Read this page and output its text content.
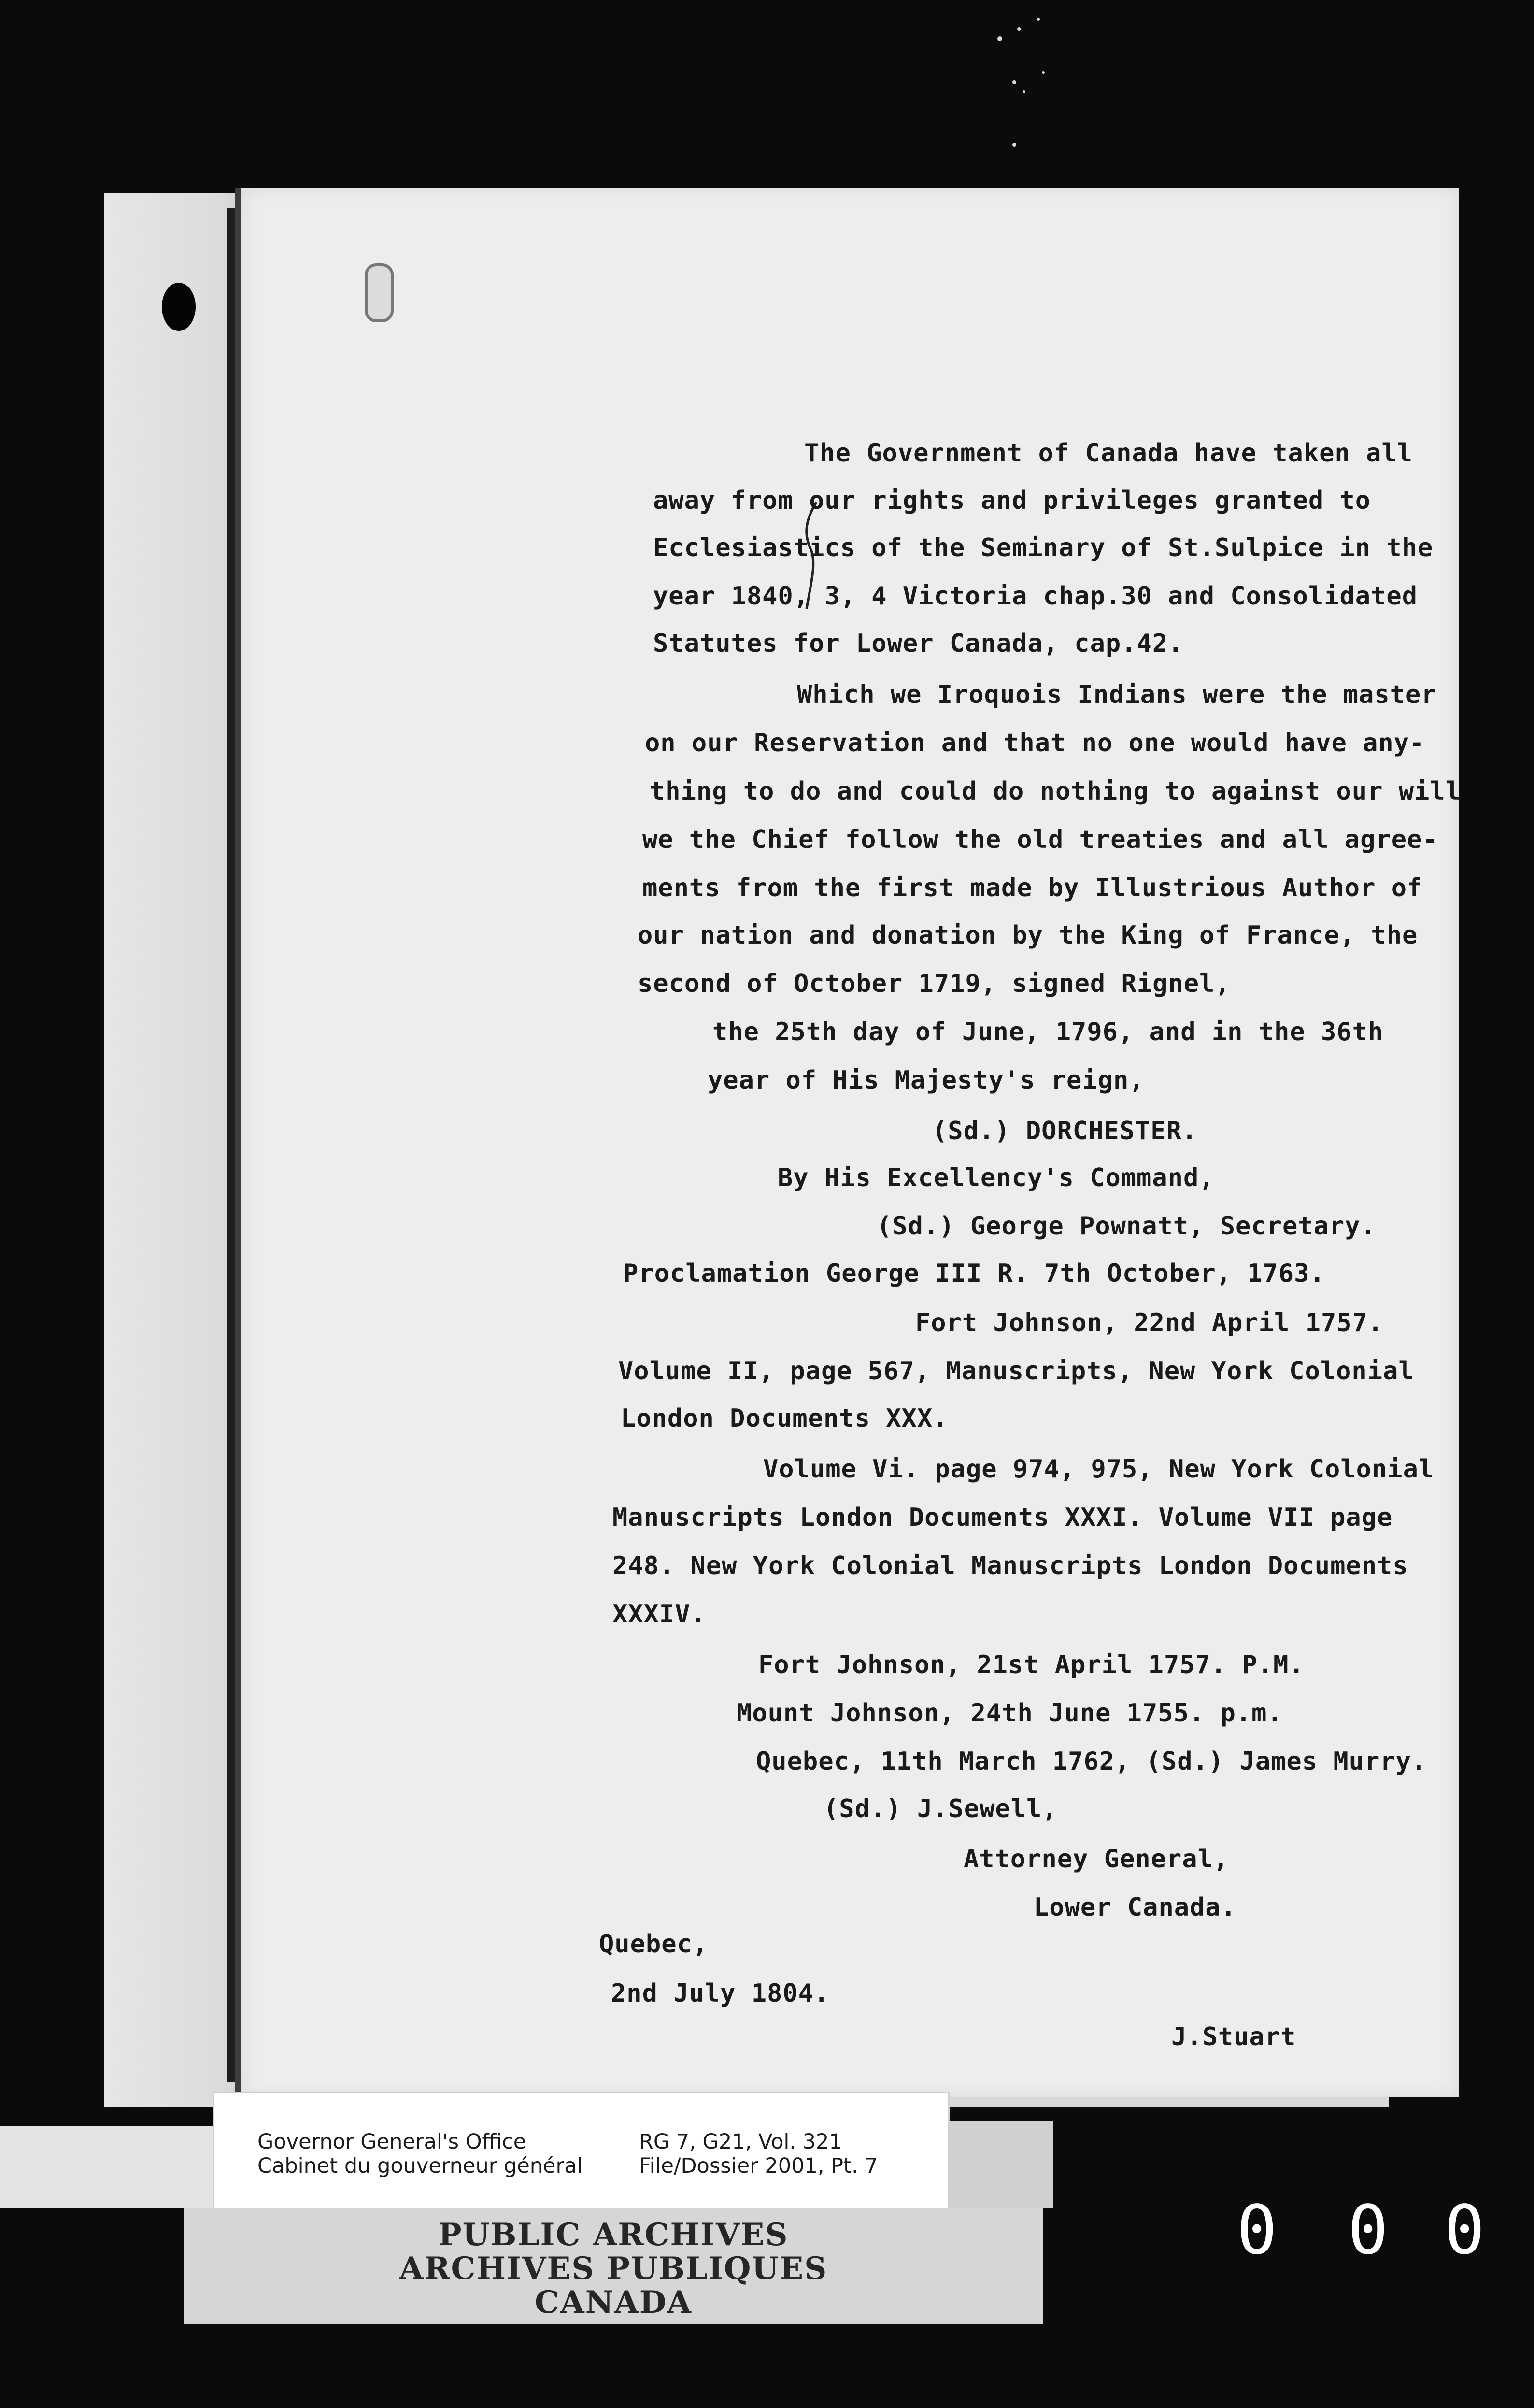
The Government of Canada have taken all

away from our rights and privileges granted to

Ecclesiastics of the Seminary of St.Sulpice in the

year 1840, 3, 4 Victoria chap.30 and Consolidated

Statutes for Lower Canada, cap.42.

Which we Iroquois Indians were the master

on our Reservation and that no one would have any-

thing to do and could do nothing to against our will

we the Chief follow the old treaties and all agree-

ments from the first made by Illustrious Author of

our nation and donation by the King of France, the

second of October 1719, signed Rignel,

the 25th day of June, 1796, and in the 36th

year of His Majesty's reign,

(Sd.) DORCHESTER.

By His Excellency's Command,

(Sd.) George Pownatt, Secretary.

Proclamation George III R. 7th October, 1763.

Fort Johnson, 22nd April 1757.

Volume II, page 567, Manuscripts, New York Colonial

London Documents XXX.

Volume Vi. page 974, 975, New York Colonial

Manuscripts London Documents XXXI. Volume VII page

248. New York Colonial Manuscripts London Documents

XXXIV.

Fort Johnson, 21st April 1757. P.M.

Mount Johnson, 24th June 1755. p.m.

Quebec, 11th March 1762, (Sd.) James Murry.

(Sd.) J.Sewell,

Attorney General,

Lower Canada.

Quebec,

2nd July 1804.

J.Stuart

Governor General's Office
Cabinet du gouverneur général
RG 7, G21, Vol. 321
File/Dossier 2001, Pt. 7
PUBLIC ARCHIVES
ARCHIVES PUBLIQUES
CANADA
0 0 0
